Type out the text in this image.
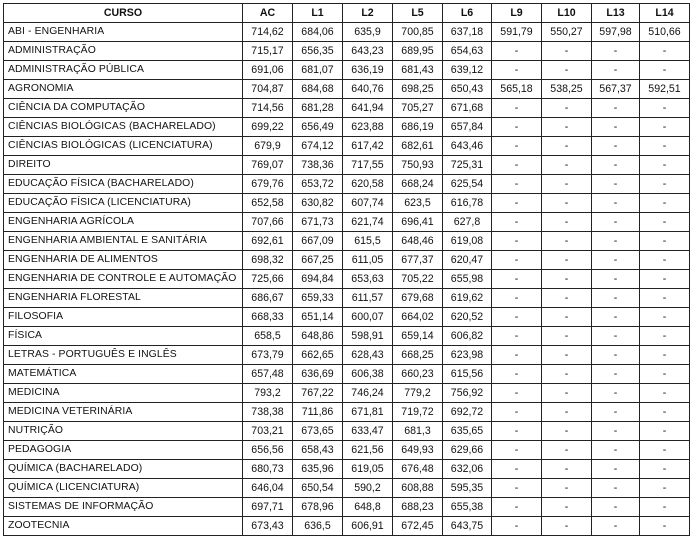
CURSO	AC	L1	L2	L5	L6	L9	L10	L13	L14
ABI - ENGENHARIA	714,62	684,06	635,9	700,85	637,18	591,79	550,27	597,98	510,66
ADMINISTRAÇÃO	715,17	656,35	643,23	689,95	654,63	-	-	-	-
ADMINISTRAÇÃO PÚBLICA	691,06	681,07	636,19	681,43	639,12	-	-	-	-
AGRONOMIA	704,87	684,68	640,76	698,25	650,43	565,18	538,25	567,37	592,51
CIÊNCIA DA COMPUTAÇÃO	714,56	681,28	641,94	705,27	671,68	-	-	-	-
CIÊNCIAS BIOLÓGICAS (BACHARELADO)	699,22	656,49	623,88	686,19	657,84	-	-	-	-
CIÊNCIAS BIOLÓGICAS (LICENCIATURA)	679,9	674,12	617,42	682,61	643,46	-	-	-	-
DIREITO	769,07	738,36	717,55	750,93	725,31	-	-	-	-
EDUCAÇÃO FÍSICA (BACHARELADO)	679,76	653,72	620,58	668,24	625,54	-	-	-	-
EDUCAÇÃO FÍSICA (LICENCIATURA)	652,58	630,82	607,74	623,5	616,78	-	-	-	-
ENGENHARIA AGRÍCOLA	707,66	671,73	621,74	696,41	627,8	-	-	-	-
ENGENHARIA AMBIENTAL E SANITÁRIA	692,61	667,09	615,5	648,46	619,08	-	-	-	-
ENGENHARIA DE ALIMENTOS	698,32	667,25	611,05	677,37	620,47	-	-	-	-
ENGENHARIA DE CONTROLE E AUTOMAÇÃO	725,66	694,84	653,63	705,22	655,98	-	-	-	-
ENGENHARIA FLORESTAL	686,67	659,33	611,57	679,68	619,62	-	-	-	-
FILOSOFIA	668,33	651,14	600,07	664,02	620,52	-	-	-	-
FÍSICA	658,5	648,86	598,91	659,14	606,82	-	-	-	-
LETRAS - PORTUGUÊS E INGLÊS	673,79	662,65	628,43	668,25	623,98	-	-	-	-
MATEMÁTICA	657,48	636,69	606,38	660,23	615,56	-	-	-	-
MEDICINA	793,2	767,22	746,24	779,2	756,92	-	-	-	-
MEDICINA VETERINÁRIA	738,38	711,86	671,81	719,72	692,72	-	-	-	-
NUTRIÇÃO	703,21	673,65	633,47	681,3	635,65	-	-	-	-
PEDAGOGIA	656,56	658,43	621,56	649,93	629,66	-	-	-	-
QUÍMICA (BACHARELADO)	680,73	635,96	619,05	676,48	632,06	-	-	-	-
QUÍMICA (LICENCIATURA)	646,04	650,54	590,2	608,88	595,35	-	-	-	-
SISTEMAS DE INFORMAÇÃO	697,71	678,96	648,8	688,23	655,38	-	-	-	-
ZOOTECNIA	673,43	636,5	606,91	672,45	643,75	-	-	-	-
